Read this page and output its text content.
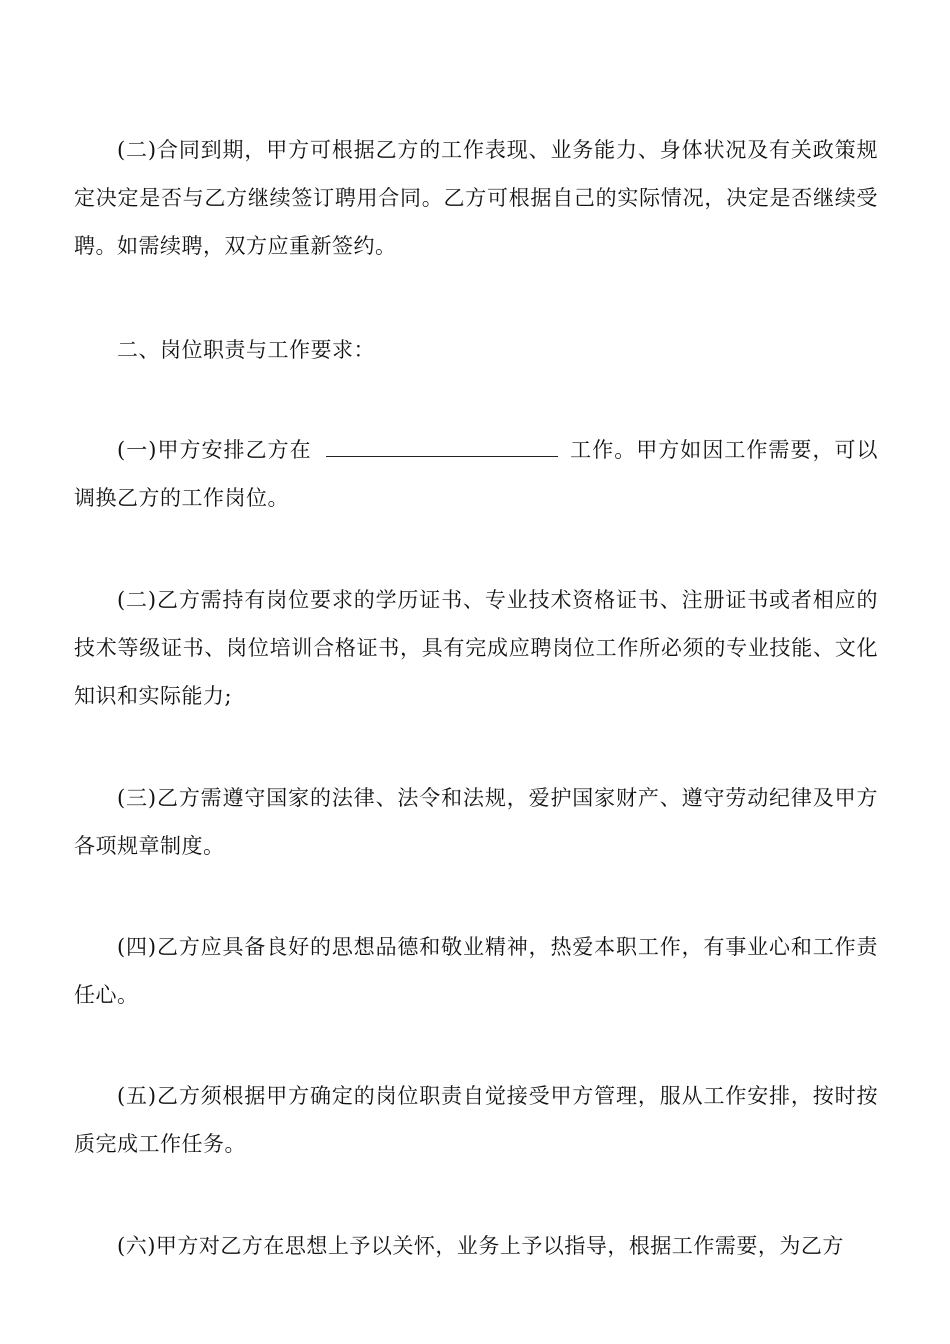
(二)合同到期，甲方可根据乙方的工作表现、业务能力、身体状况及有关政策规定决定是否与乙方继续签订聘用合同。乙方可根据自己的实际情况，决定是否继续受聘。如需续聘，双方应重新签约。

二、岗位职责与工作要求：

(一)甲方安排乙方在	工作。甲方如因工作需要，可以调换乙方的工作岗位。

(二)乙方需持有岗位要求的学历证书、专业技术资格证书、注册证书或者相应的技术等级证书、岗位培训合格证书，具有完成应聘岗位工作所必须的专业技能、文化知识和实际能力;

(三)乙方需遵守国家的法律、法令和法规，爱护国家财产、遵守劳动纪律及甲方各项规章制度。

(四)乙方应具备良好的思想品德和敬业精神，热爱本职工作，有事业心和工作责任心。

(五)乙方须根据甲方确定的岗位职责自觉接受甲方管理，服从工作安排，按时按质完成工作任务。

(六)甲方对乙方在思想上予以关怀，业务上予以指导，根据工作需要，为乙方
